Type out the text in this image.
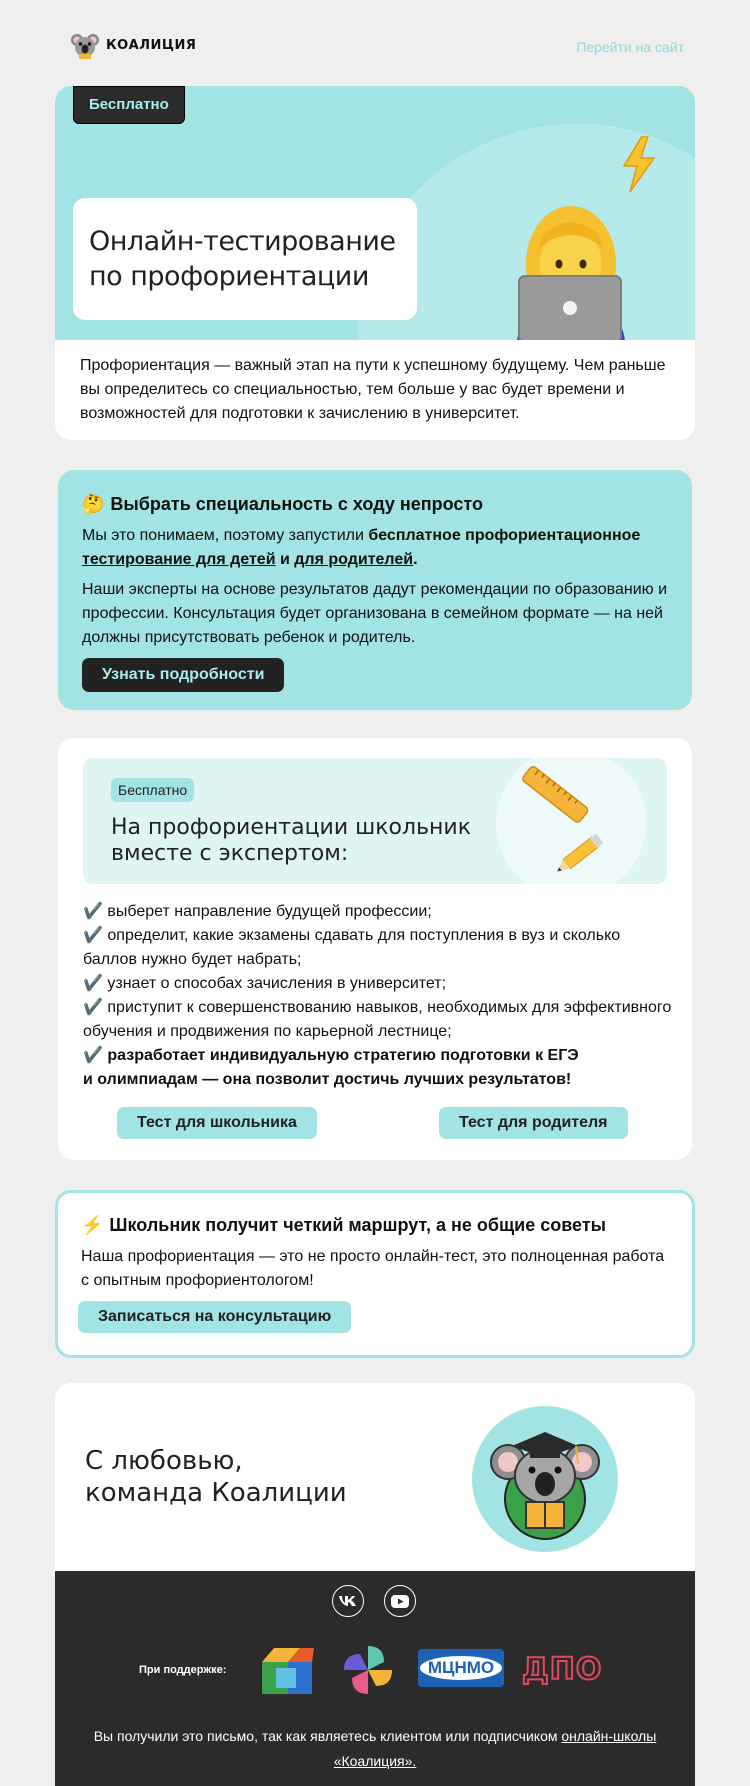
КОАЛИЦИЯ	Перейти на сайт
Бесплатно
Онлайн-тестирование
по профориентации

Профориентация — важный этап на пути к успешному будущему. Чем раньше вы определитесь со специальностью, тем больше у вас будет времени и возможностей для подготовки к зачислению в университет.

🤔 Выбрать специальность с ходу непросто

Мы это понимаем, поэтому запустили бесплатное профориентационное тестирование для детей и для родителей.

Наши эксперты на основе результатов дадут рекомендации по образованию и профессии. Консультация будет организована в семейном формате — на ней должны присутствовать ребенок и родитель.

Узнать подробности
Бесплатно
На профориентации школьник
вместе с экспертом:
✔️ выберет направление будущей профессии;
✔️ определит, какие экзамены сдавать для поступления в вуз и сколько баллов нужно будет набрать;
✔️ узнает о способах зачисления в университет;
✔️ приступит к совершенствованию навыков, необходимых для эффективного обучения и продвижения по карьерной лестнице;
✔️ разработает индивидуальную стратегию подготовки к ЕГЭ
и олимпиадам — она позволит достичь лучших результатов!
Тест для школьника	Тест для родителя
⚡ Школьник получит четкий маршрут, а не общие советы

Наша профориентация — это не просто онлайн-тест, это полноценная работа с опытным профориентологом!

Записаться на консультацию
С любовью,
команда Коалиции
При поддержке:	МЦНМО ДПО

Вы получили это письмо, так как являетесь клиентом или подписчиком онлайн-школы «Коалиция».
